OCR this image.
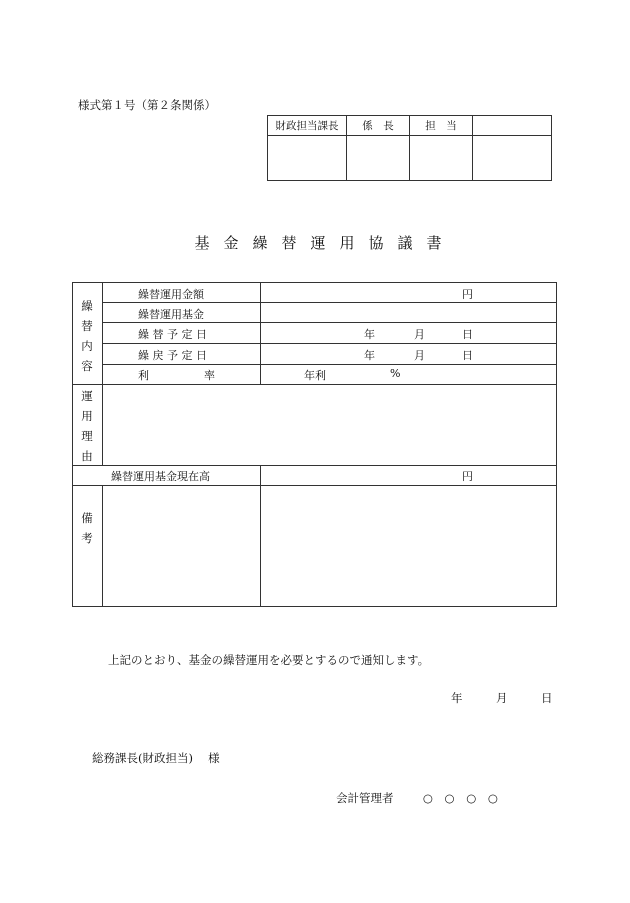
様式第１号（第２条関係）
財政担当課長	係　長	担　当	

基金繰替運用協議書
繰
替
内
容
繰替運用金額	円
繰替運用基金
繰 替 予 定 日	年	月	日
繰 戻 予 定 日	年	月	日
利　　　　　率	年利	%
運
用
理
由
繰替運用基金現在高	円
備
考
上記のとおり、基金の繰替運用を必要とするので通知します。
年	月	日
総務課長(財政担当)　 様
会計管理者	○ ○ ○ ○
